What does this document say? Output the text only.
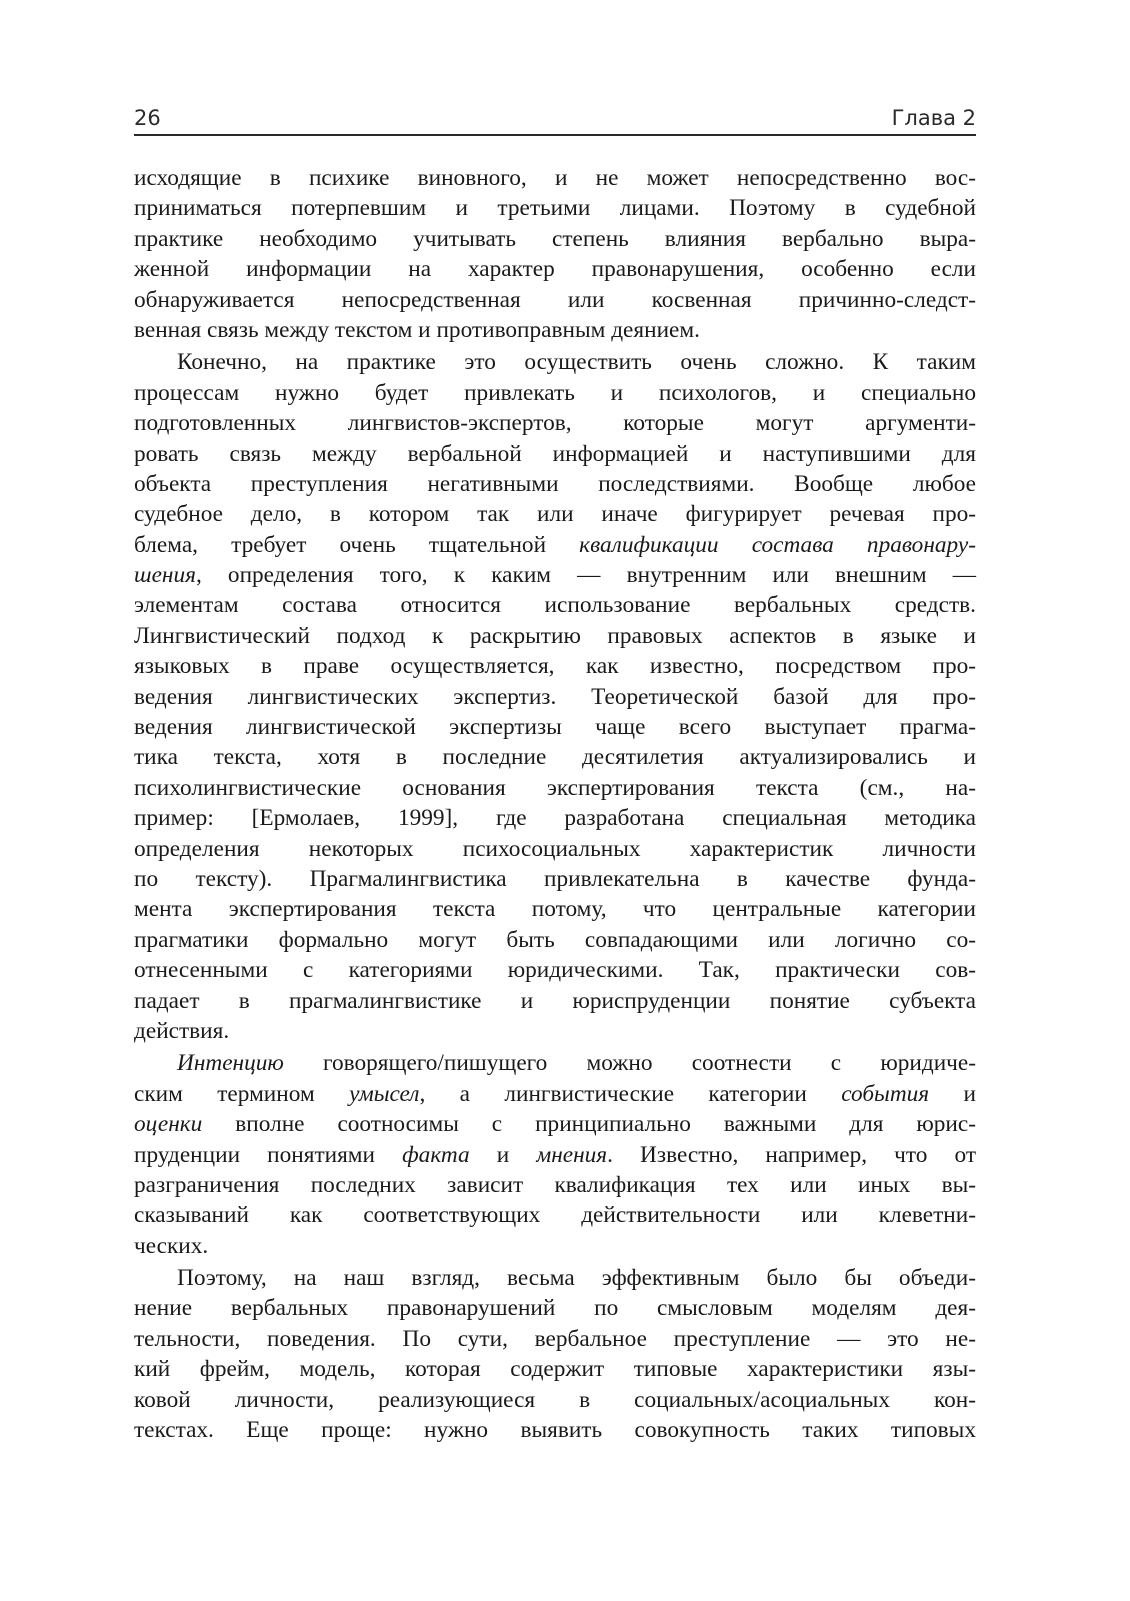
26	Глава 2
исходящие в психике виновного, и не может непосредственно вос-
приниматься потерпевшим и третьими лицами. Поэтому в судебной
практике необходимо учитывать степень влияния вербально выра-
женной информации на характер правонарушения, особенно если
обнаруживается непосредственная или косвенная причинно-следст-
венная связь между текстом и противоправным деянием.
Конечно, на практике это осуществить очень сложно. К таким
процессам нужно будет привлекать и психологов, и специально
подготовленных лингвистов-экспертов, которые могут аргументи-
ровать связь между вербальной информацией и наступившими для
объекта преступления негативными последствиями. Вообще любое
судебное дело, в котором так или иначе фигурирует речевая про-
блема, требует очень тщательной квалификации состава правонару-
шения, определения того, к каким — внутренним или внешним —
элементам состава относится использование вербальных средств.
Лингвистический подход к раскрытию правовых аспектов в языке и
языковых в праве осуществляется, как известно, посредством про-
ведения лингвистических экспертиз. Теоретической базой для про-
ведения лингвистической экспертизы чаще всего выступает прагма-
тика текста, хотя в последние десятилетия актуализировались и
психолингвистические основания экспертирования текста (см., на-
пример: [Ермолаев, 1999], где разработана специальная методика
определения некоторых психосоциальных характеристик личности
по тексту). Прагмалингвистика привлекательна в качестве фунда-
мента экспертирования текста потому, что центральные категории
прагматики формально могут быть совпадающими или логично со-
отнесенными с категориями юридическими. Так, практически сов-
падает в прагмалингвистике и юриспруденции понятие субъекта
действия.
Интенцию говорящего/пишущего можно соотнести с юридиче-
ским термином умысел, а лингвистические категории события и
оценки вполне соотносимы с принципиально важными для юрис-
пруденции понятиями факта и мнения. Известно, например, что от
разграничения последних зависит квалификация тех или иных вы-
сказываний как соответствующих действительности или клеветни-
ческих.
Поэтому, на наш взгляд, весьма эффективным было бы объеди-
нение вербальных правонарушений по смысловым моделям дея-
тельности, поведения. По сути, вербальное преступление — это не-
кий фрейм, модель, которая содержит типовые характеристики язы-
ковой личности, реализующиеся в социальных/асоциальных кон-
текстах. Еще проще: нужно выявить совокупность таких типовых
